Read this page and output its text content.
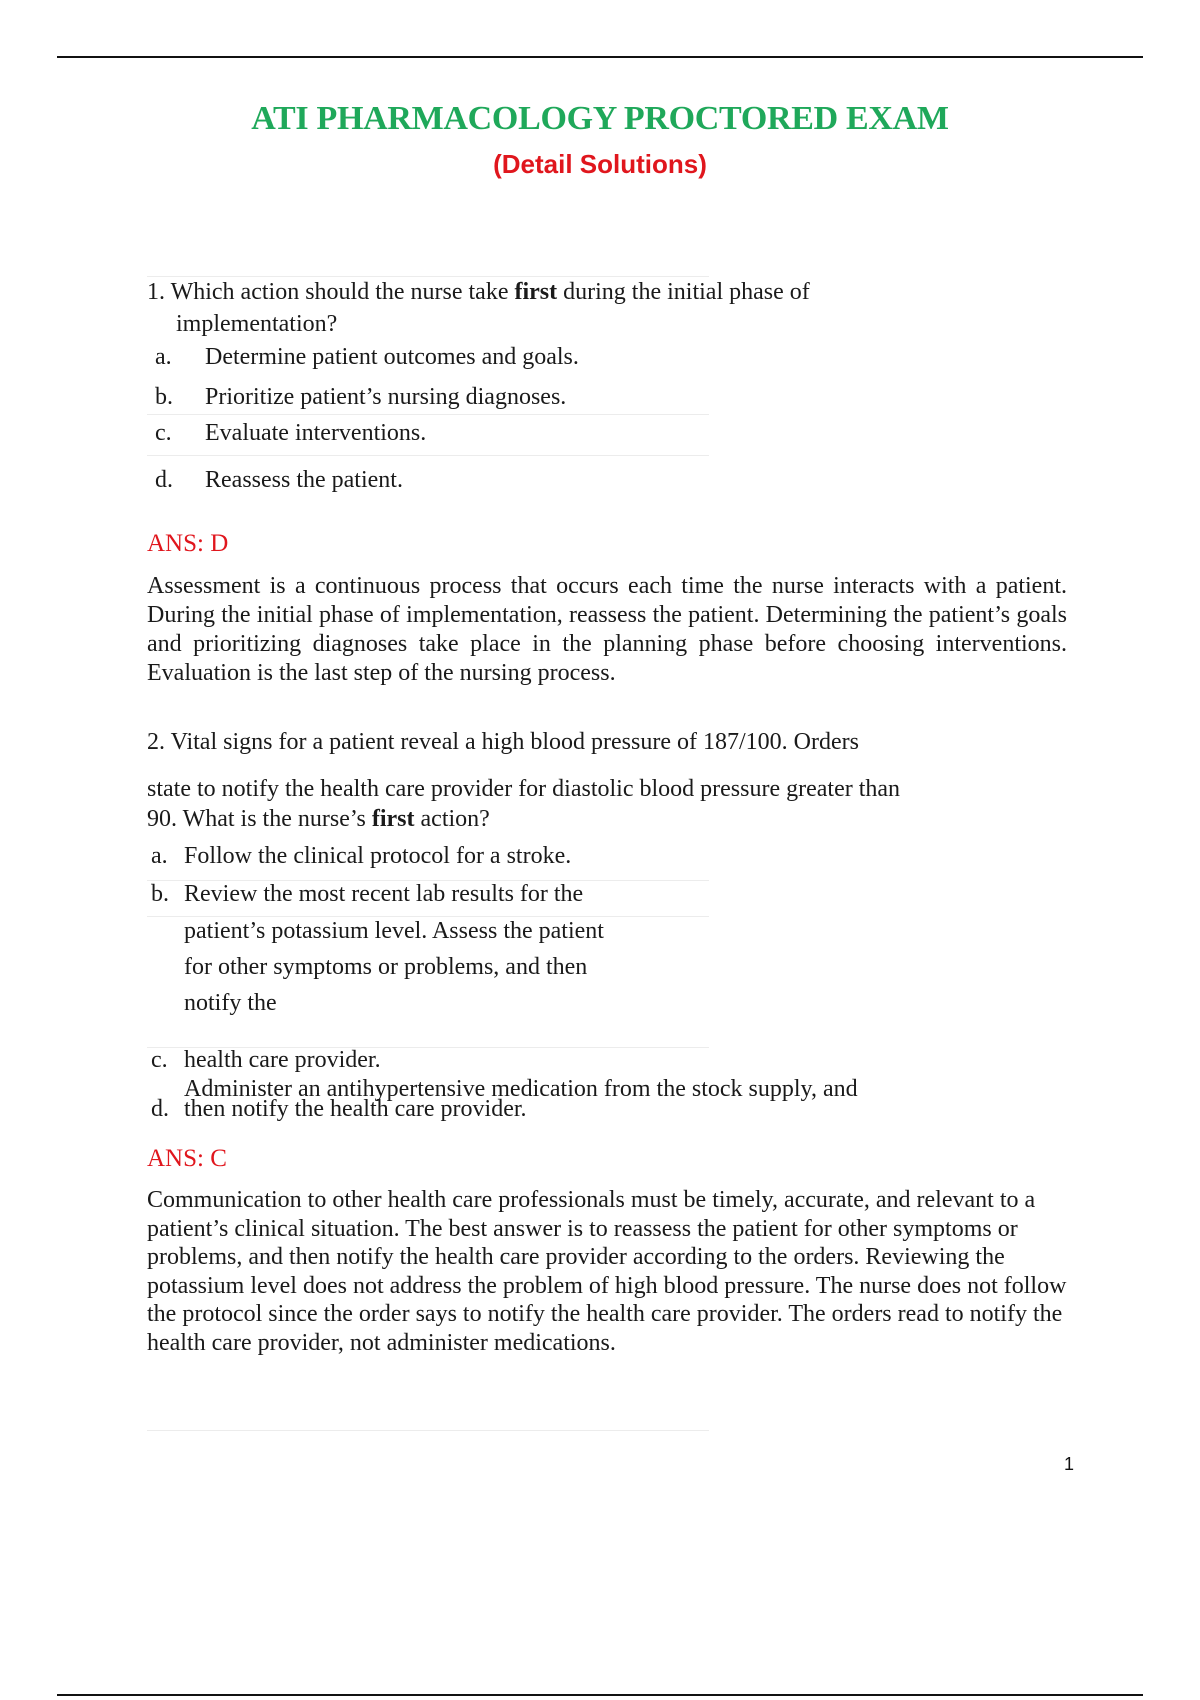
ATI PHARMACOLOGY PROCTORED EXAM
(Detail Solutions)
1. Which action should the nurse take first during the initial phase of
implementation?
a. Determine patient outcomes and goals.
b. Prioritize patient’s nursing diagnoses.
c. Evaluate interventions.
d. Reassess the patient.
ANS: D
Assessment is a continuous process that occurs each time the nurse interacts with a patient. During the initial phase of implementation, reassess the patient. Determining the patient’s goals and prioritizing diagnoses take place in the planning phase before choosing interventions. Evaluation is the last step of the nursing process.
2. Vital signs for a patient reveal a high blood pressure of 187/100. Orders
state to notify the health care provider for diastolic blood pressure greater than
90. What is the nurse’s first action?
a. Follow the clinical protocol for a stroke.
b. Review the most recent lab results for the
patient’s potassium level. Assess the patient
for other symptoms or problems, and then
notify the
c. health care provider.
Administer an antihypertensive medication from the stock supply, and
d. then notify the health care provider.
ANS: C
Communication to other health care professionals must be timely, accurate, and relevant to a patient’s clinical situation. The best answer is to reassess the patient for other symptoms or problems, and then notify the health care provider according to the orders. Reviewing the potassium level does not address the problem of high blood pressure. The nurse does not follow the protocol since the order says to notify the health care provider. The orders read to notify the health care provider, not administer medications.
1
